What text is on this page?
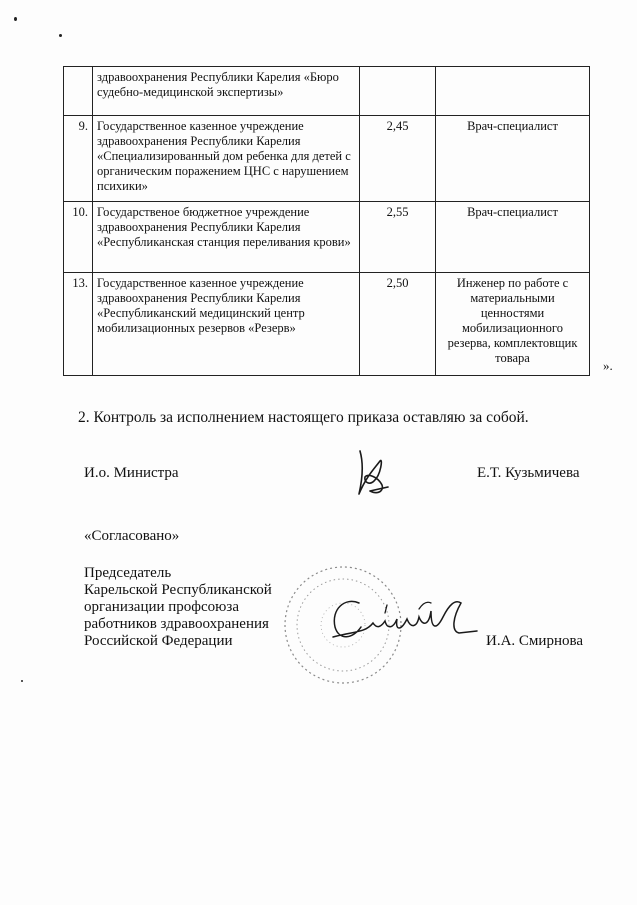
	здравоохранения Республики Карелия «Бюро судебно-медицинской экспертизы»		
9.	Государственное казенное учреждение здравоохранения Республики Карелия «Специализированный дом ребенка для детей с органическим поражением ЦНС с нарушением психики»	2,45	Врач-специалист
10.	Государственое бюджетное учреждение здравоохранения Республики Карелия «Республиканская станция переливания крови»	2,55	Врач-специалист
13.	Государственное казенное учреждение здравоохранения Республики Карелия «Республиканский медицинский центр мобилизационных резервов «Резерв»	2,50	Инженер по работе с материальными ценностями мобилизационного резерва, комплектовщик товара	».
2. Контроль за исполнением настоящего приказа оставляю за собой.
И.о. Министра	Е.Т. Кузьмичева
«Согласовано»
Председатель
Карельской Республиканской
организации профсоюза
работников здравоохранения
Российской Федерации	И.А. Смирнова
